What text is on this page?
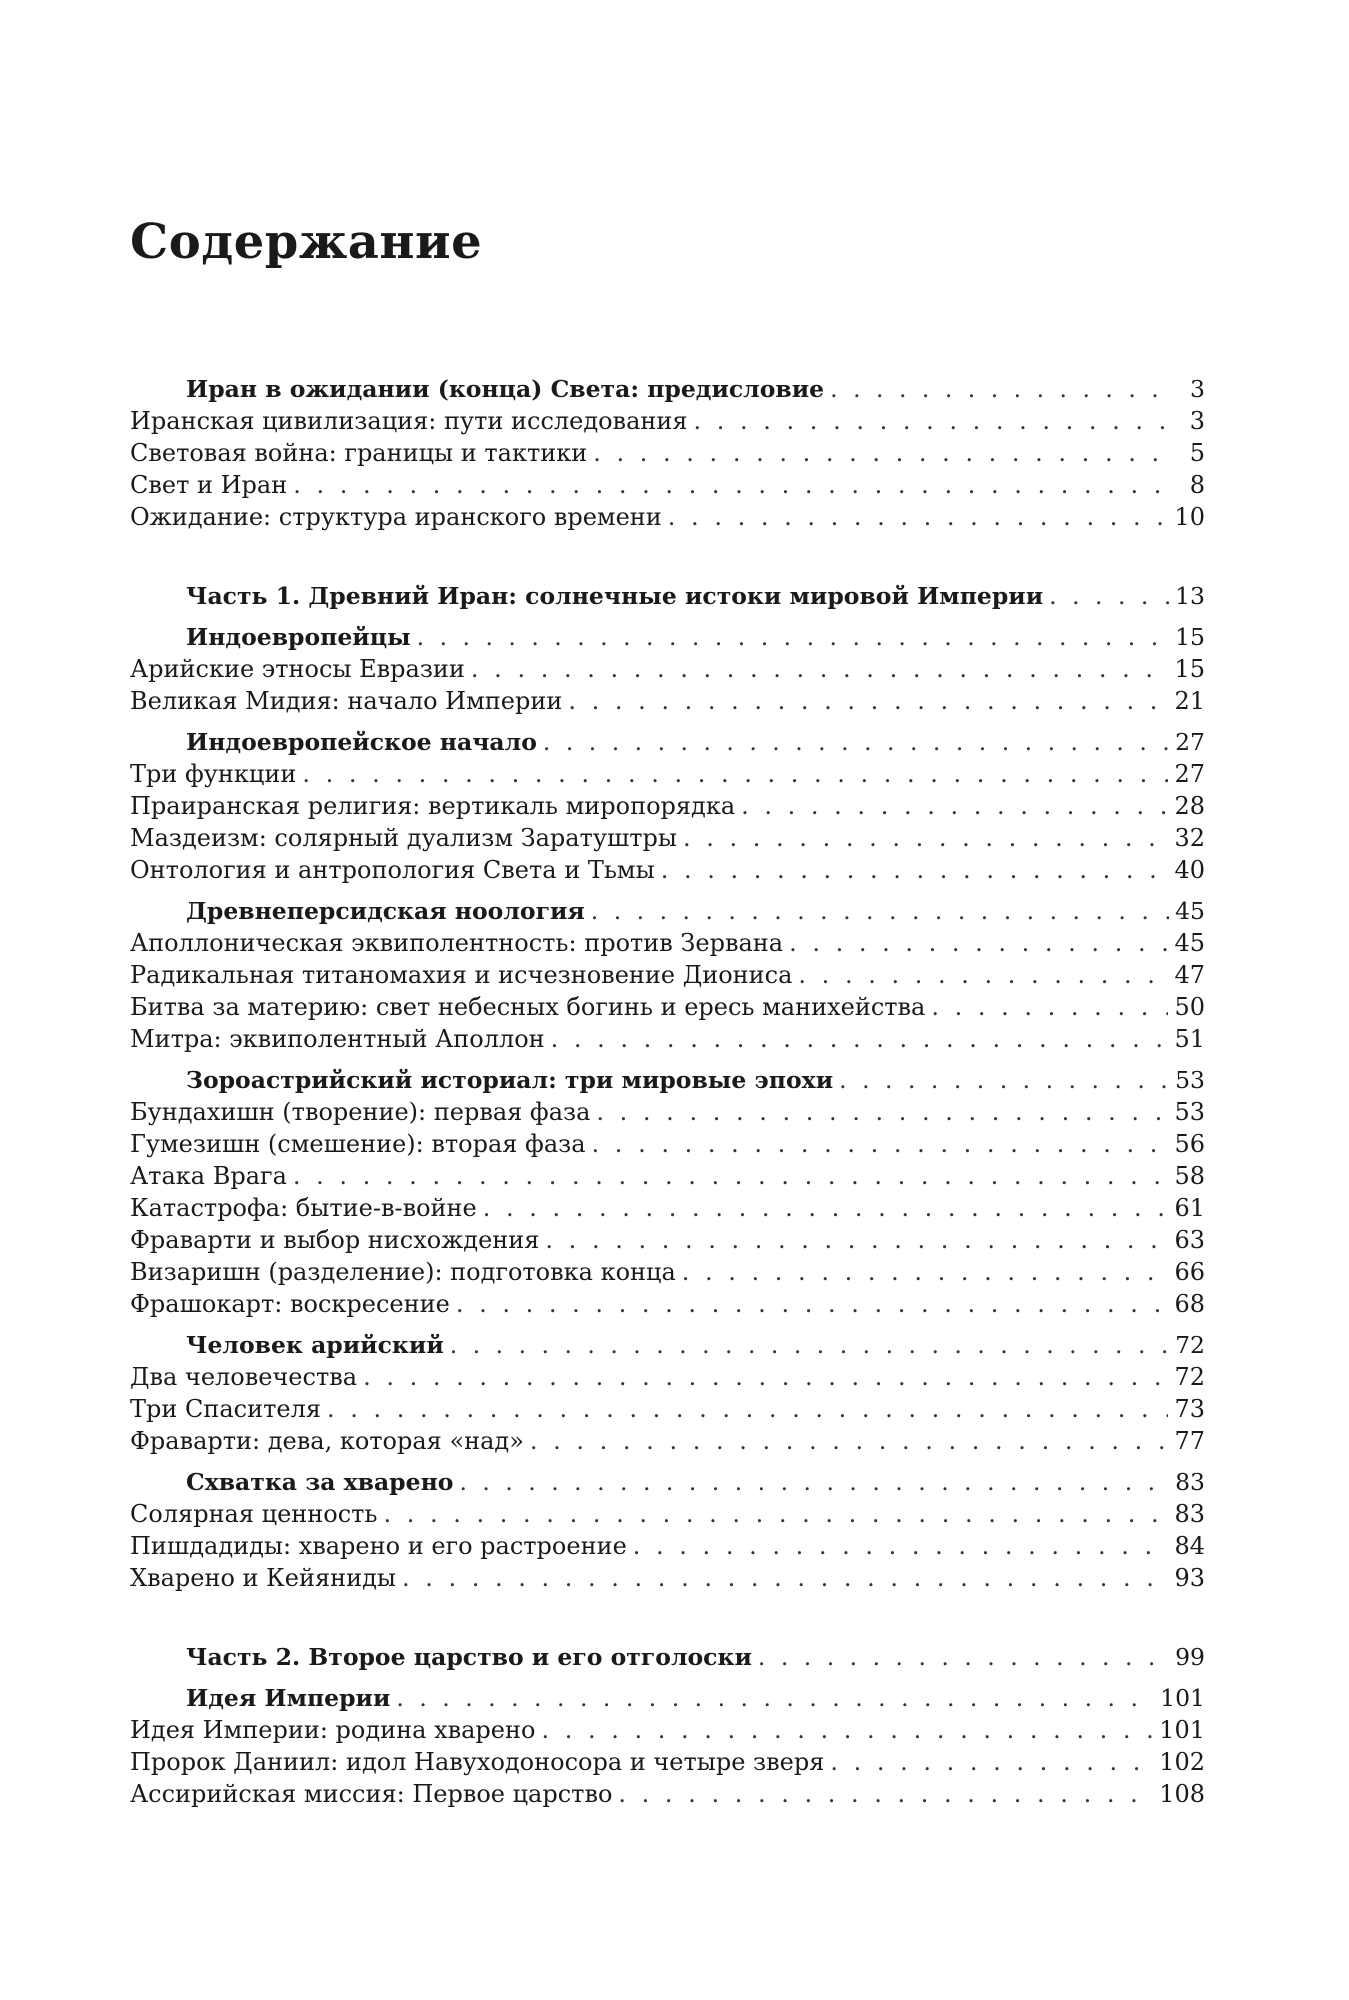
Содержание
Иран в ожидании (конца) Света: предисловие . . .	3
Иранская цивилизация: пути исследования . . .	3
Световая война: границы и тактики . . .	5
Свет и Иран . . .	8
Ожидание: структура иранского времени . . .	10
Часть 1. Древний Иран: солнечные истоки мировой Империи . . .	13
Индоевропейцы . . .	15
Арийские этносы Евразии . . .	15
Великая Мидия: начало Империи . . .	21
Индоевропейское начало . . .	27
Три функции . . .	27
Праиранская религия: вертикаль миропорядка . . .	28
Маздеизм: солярный дуализм Заратуштры . . .	32
Онтология и антропология Света и Тьмы . . .	40
Древнеперсидская ноология . . .	45
Аполлоническая эквиполентность: против Зервана . . .	45
Радикальная титаномахия и исчезновение Диониса . . .	47
Битва за материю: свет небесных богинь и ересь манихейства . . .	50
Митра: эквиполентный Аполлон . . .	51
Зороастрийский историал: три мировые эпохи . . .	53
Бундахишн (творение): первая фаза . . .	53
Гумезишн (смешение): вторая фаза . . .	56
Атака Врага . . .	58
Катастрофа: бытие-в-войне . . .	61
Фраварти и выбор нисхождения . . .	63
Визаришн (разделение): подготовка конца . . .	66
Фрашокарт: воскресение . . .	68
Человек арийский . . .	72
Два человечества . . .	72
Три Спасителя . . .	73
Фраварти: дева, которая «над» . . .	77
Схватка за хварено . . .	83
Солярная ценность . . .	83
Пишдадиды: хварено и его растроение . . .	84
Хварено и Кейяниды . . .	93
Часть 2. Второе царство и его отголоски . . .	99
Идея Империи . . .	101
Идея Империи: родина хварено . . .	101
Пророк Даниил: идол Навуходоносора и четыре зверя . . .	102
Ассирийская миссия: Первое царство . . .	108
